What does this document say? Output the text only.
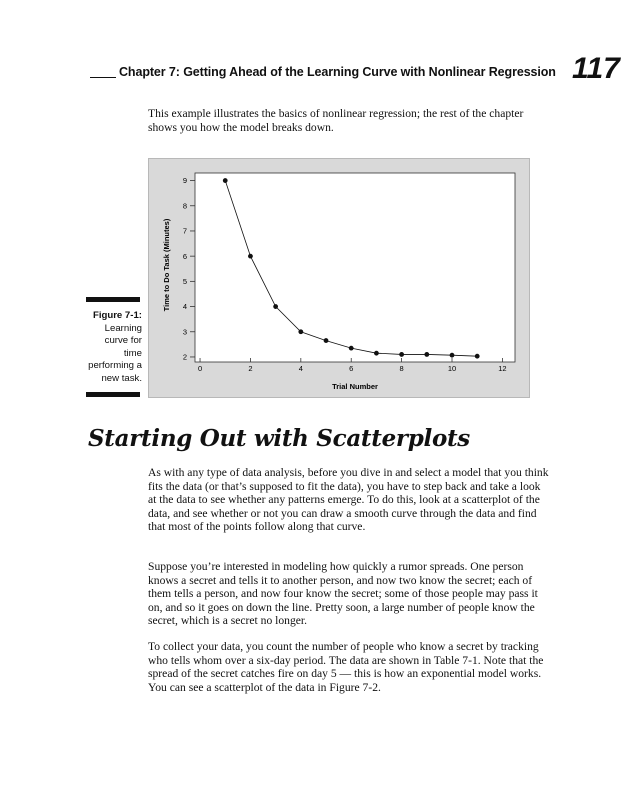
Chapter 7: Getting Ahead of the Learning Curve with Nonlinear Regression 117

This example illustrates the basics of nonlinear regression; the rest of the chapter shows you how the model breaks down.

Figure 7-1:
Learning curve for time performing a new task.
0	2	4	6	8	10	12
2
3
4
5
6
7
8
9
Trial Number
Time to Do Task (Minutes)
Starting Out with Scatterplots

As with any type of data analysis, before you dive in and select a model that you think fits the data (or that’s supposed to fit the data), you have to step back and take a look at the data to see whether any patterns emerge. To do this, look at a scatterplot of the data, and see whether or not you can draw a smooth curve through the data and find that most of the points follow along that curve.

Suppose you’re interested in modeling how quickly a rumor spreads. One person knows a secret and tells it to another person, and now two know the secret; each of them tells a person, and now four know the secret; some of those people may pass it on, and so it goes on down the line. Pretty soon, a large number of people know the secret, which is a secret no longer.

To collect your data, you count the number of people who know a secret by tracking who tells whom over a six-day period. The data are shown in Table 7-1. Note that the spread of the secret catches fire on day 5 — this is how an exponential model works. You can see a scatterplot of the data in Figure 7-2.
